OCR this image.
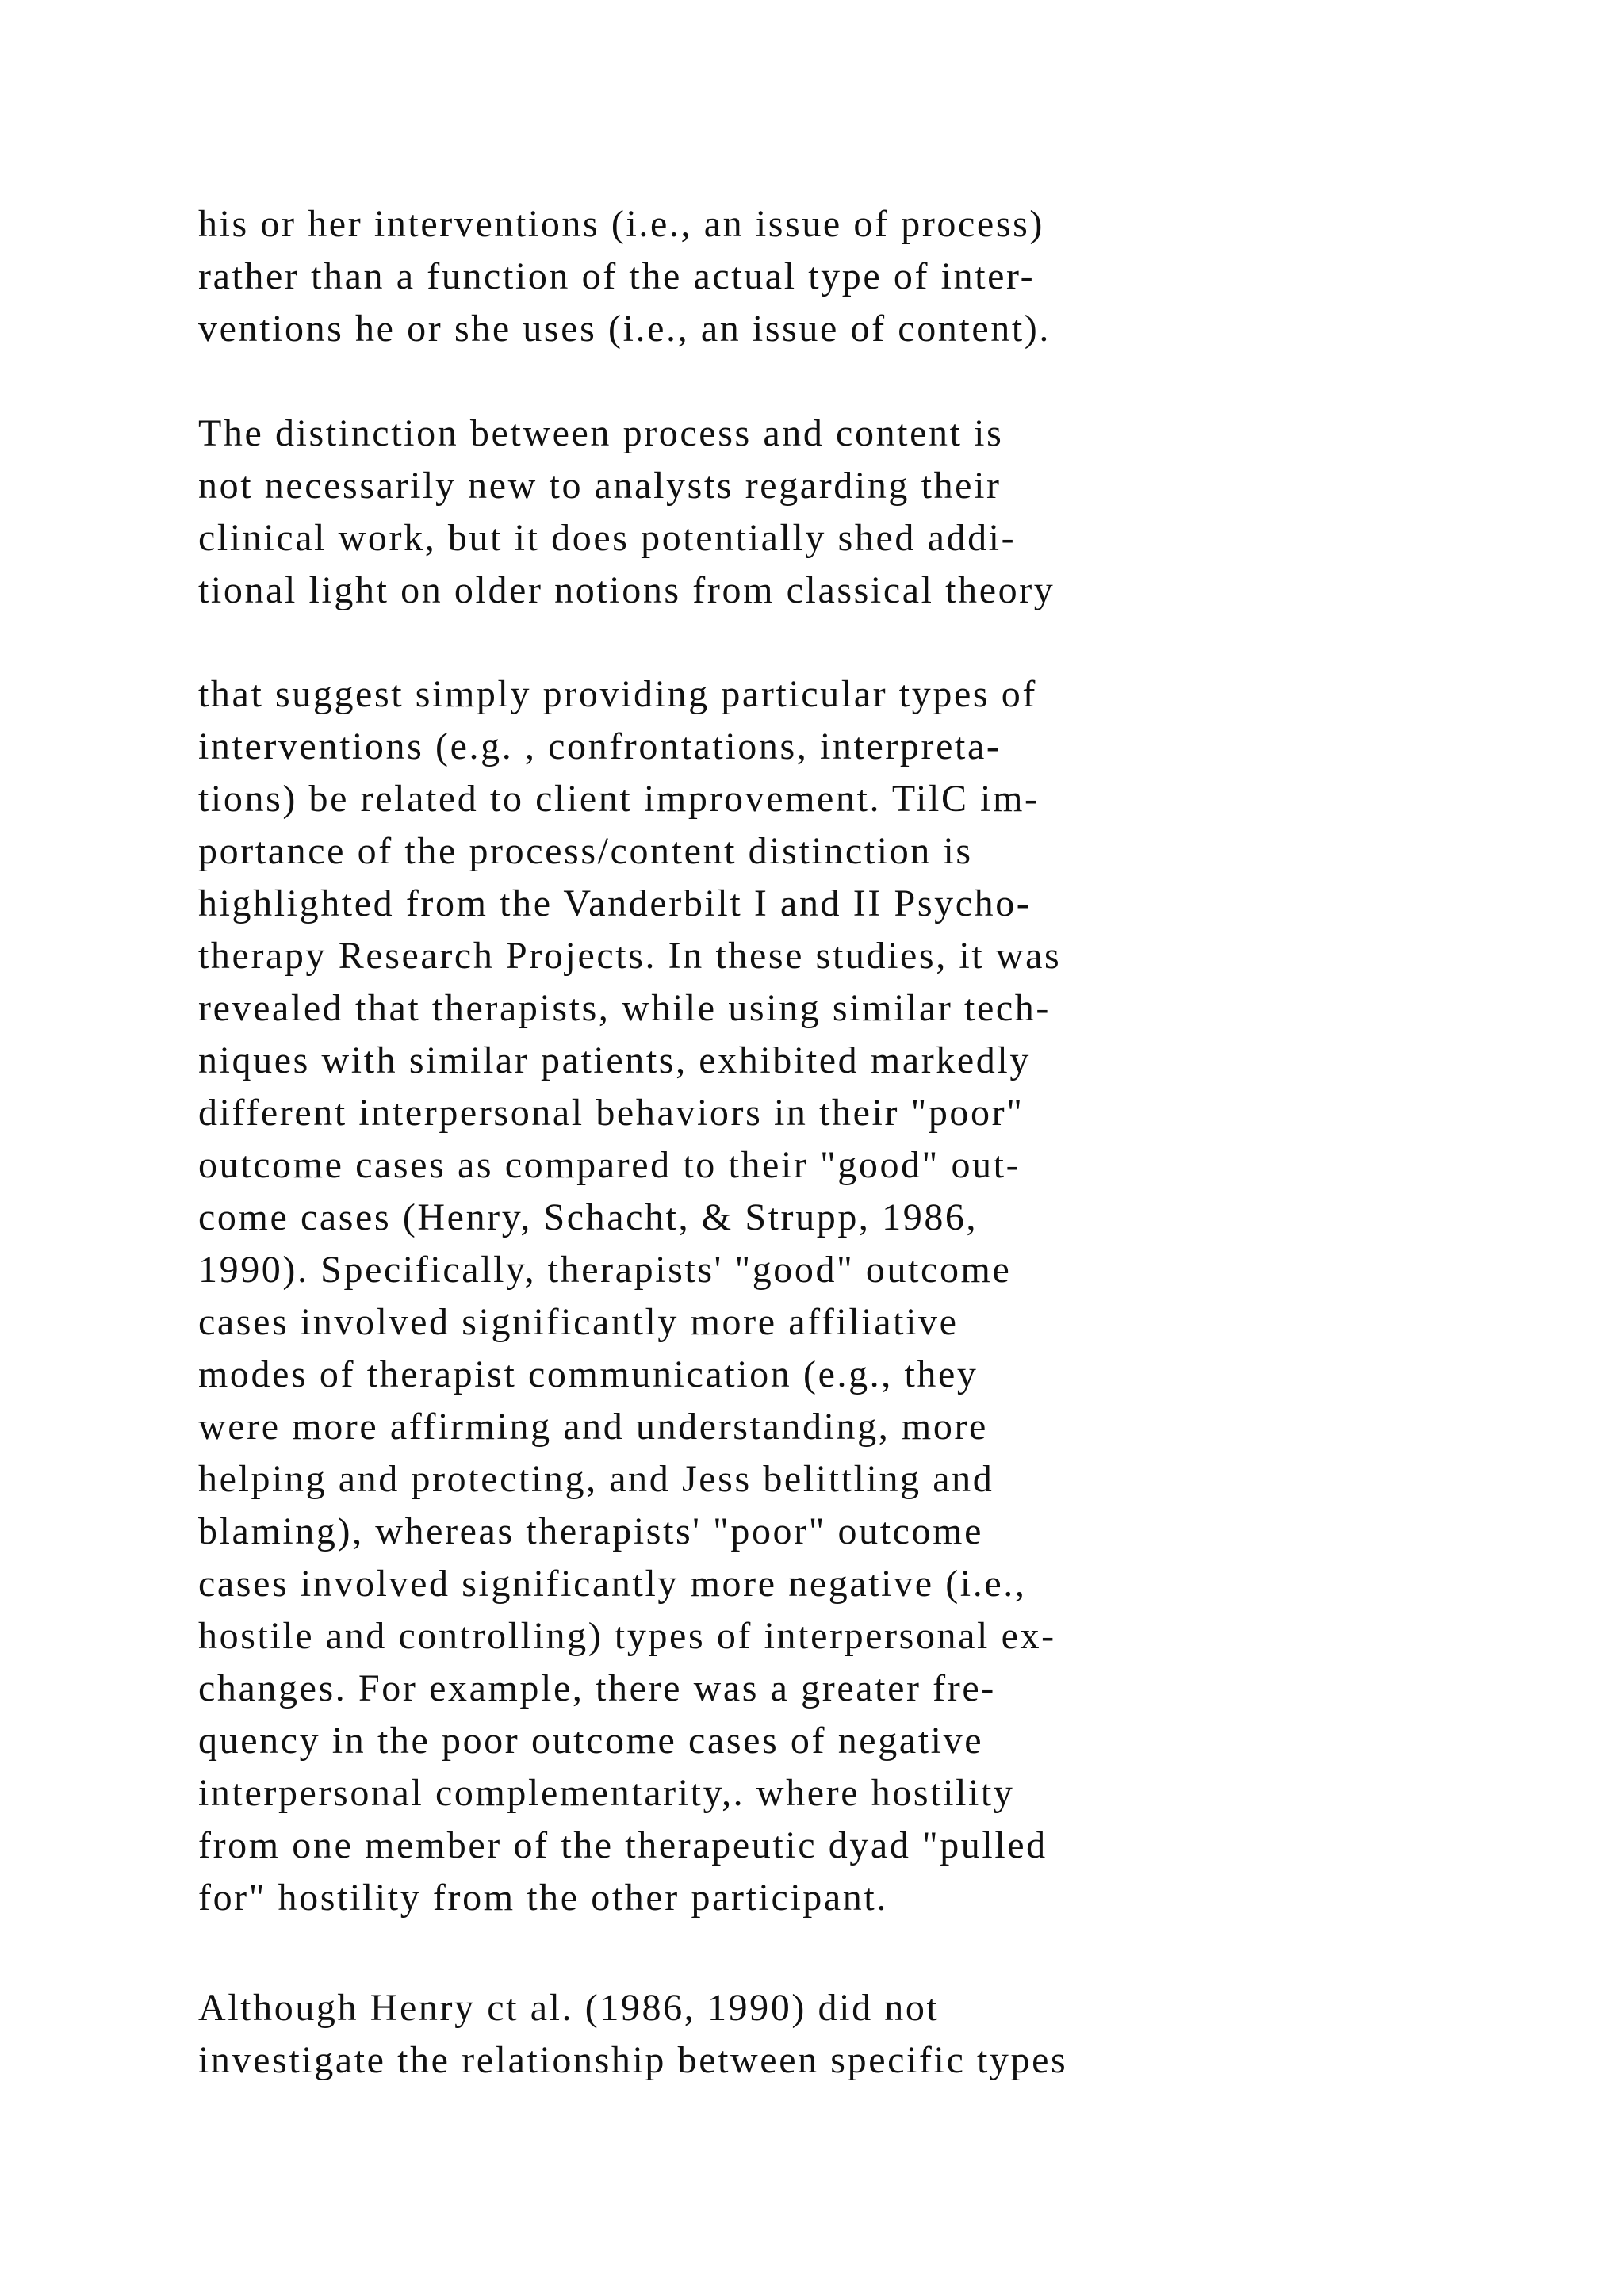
his or her interventions (i.e., an issue of process)
rather than a function of the actual type of inter-
ventions he or she uses (i.e., an issue of content).

The distinction between process and content is
not necessarily new to analysts regarding their
clinical work, but it does potentially shed addi-
tional light on older notions from classical theory

that suggest simply providing particular types of
interventions (e.g. , confrontations, interpreta-
tions) be related to client improvement. TilC im-
portance of the process/content distinction is
highlighted from the Vanderbilt I and II Psycho-
therapy Research Projects. In these studies, it was
revealed that therapists, while using similar tech-
niques with similar patients, exhibited markedly
different interpersonal behaviors in their "poor"
outcome cases as compared to their "good" out-
come cases (Henry, Schacht, & Strupp, 1986,
1990). Specifically, therapists' "good" outcome
cases involved significantly more affiliative
modes of therapist communication (e.g., they
were more affirming and understanding, more
helping and protecting, and Jess belittling and
blaming), whereas therapists' "poor" outcome
cases involved significantly more negative (i.e.,
hostile and controlling) types of interpersonal ex-
changes. For example, there was a greater fre-
quency in the poor outcome cases of negative
interpersonal complementarity,. where hostility
from one member of the therapeutic dyad "pulled
for" hostility from the other participant.

Although Henry ct al. (1986, 1990) did not
investigate the relationship between specific types
